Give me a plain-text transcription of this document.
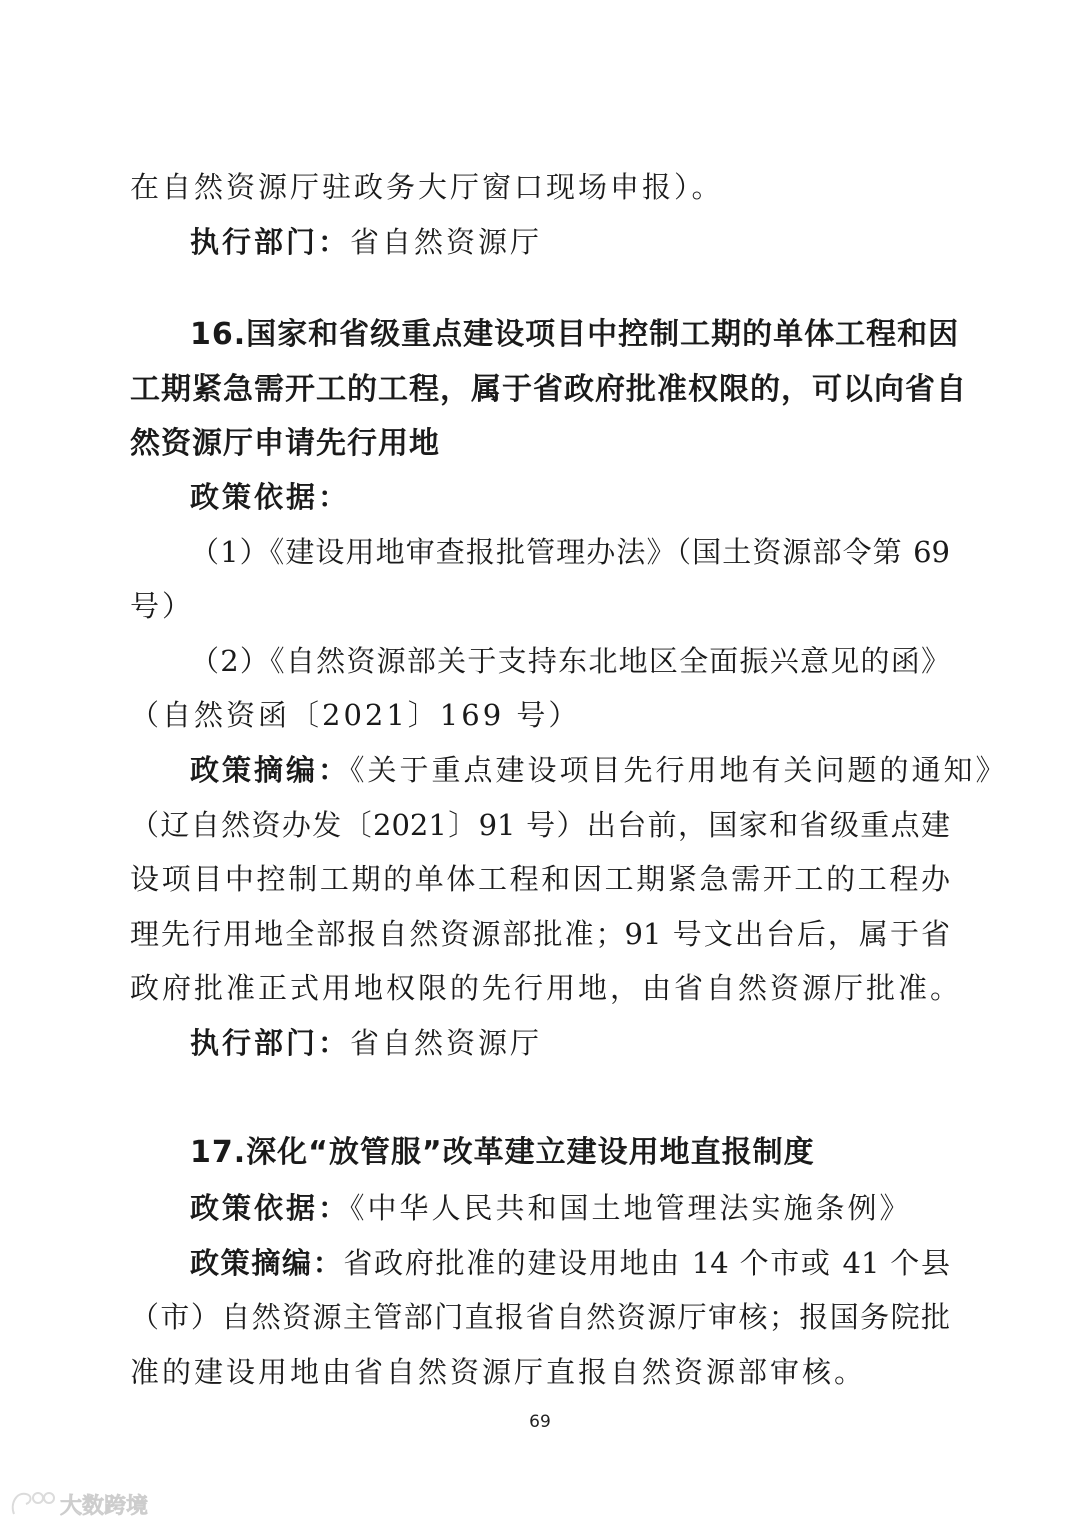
在自然资源厅驻政务大厅窗口现场申报）。
执行部门：省自然资源厅
16.国家和省级重点建设项目中控制工期的单体工程和因
工期紧急需开工的工程，属于省政府批准权限的，可以向省自
然资源厅申请先行用地
政策依据：
（1）《建设用地审查报批管理办法》（国土资源部令第 69
号）
（2）《自然资源部关于支持东北地区全面振兴意见的函》
（自然资函〔2021〕169 号）
政策摘编：《关于重点建设项目先行用地有关问题的通知》
（辽自然资办发〔2021〕91 号）出台前，国家和省级重点建
设项目中控制工期的单体工程和因工期紧急需开工的工程办
理先行用地全部报自然资源部批准；91 号文出台后，属于省
政府批准正式用地权限的先行用地，由省自然资源厅批准。
执行部门：省自然资源厅
17.深化“放管服”改革建立建设用地直报制度
政策依据：《中华人民共和国土地管理法实施条例》
政策摘编：省政府批准的建设用地由 14 个市或 41 个县
（市）自然资源主管部门直报省自然资源厅审核；报国务院批
准的建设用地由省自然资源厅直报自然资源部审核。
69
大数跨境
